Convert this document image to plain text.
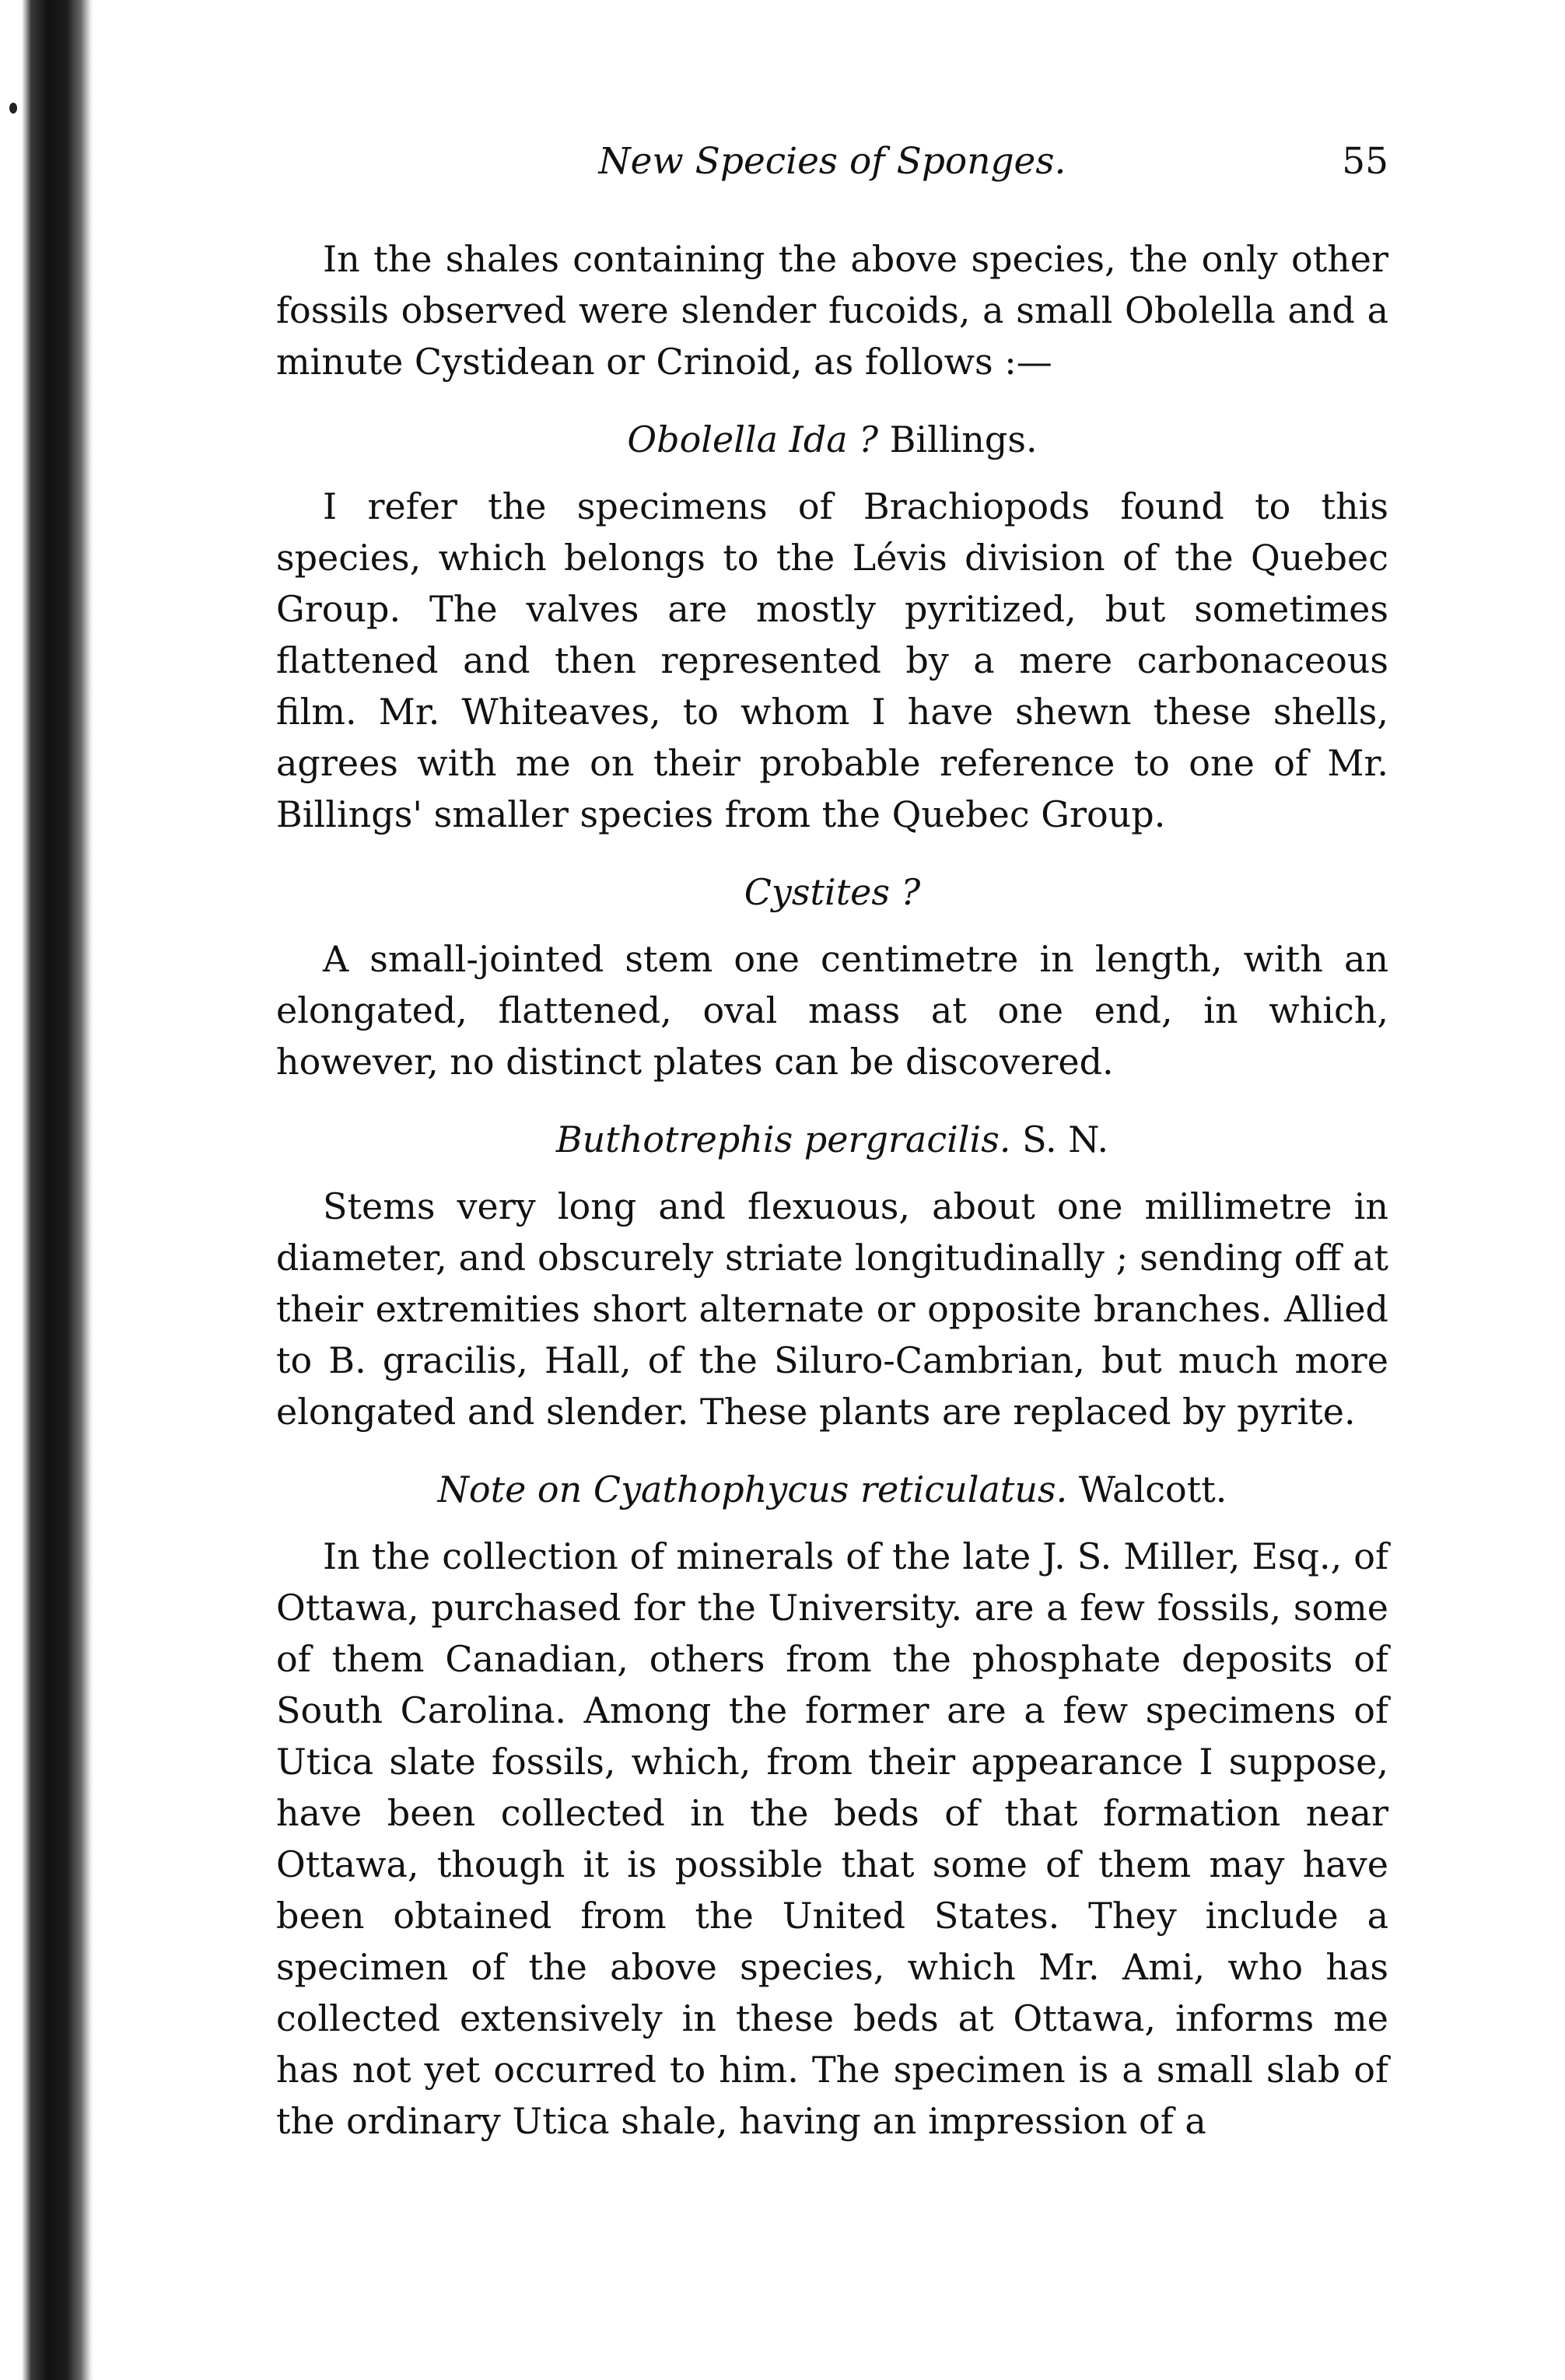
New Species of Sponges.	55

In the shales containing the above species, the only other fossils observed were slender fucoids, a small Obolella and a minute Cystidean or Crinoid, as follows :—

Obolella Ida ? Billings.

I refer the specimens of Brachiopods found to this species, which belongs to the Lévis division of the Quebec Group. The valves are mostly pyritized, but sometimes flattened and then represented by a mere carbonaceous film. Mr. Whiteaves, to whom I have shewn these shells, agrees with me on their probable reference to one of Mr. Billings' smaller species from the Quebec Group.

Cystites ?

A small-jointed stem one centimetre in length, with an elongated, flattened, oval mass at one end, in which, however, no distinct plates can be discovered.

Buthotrephis pergracilis. S. N.

Stems very long and flexuous, about one millimetre in diameter, and obscurely striate longitudinally ; sending off at their extremities short alternate or opposite branches. Allied to B. gracilis, Hall, of the Siluro-Cambrian, but much more elongated and slender. These plants are replaced by pyrite.

Note on Cyathophycus reticulatus. Walcott.

In the collection of minerals of the late J. S. Miller, Esq., of Ottawa, purchased for the University. are a few fossils, some of them Canadian, others from the phosphate deposits of South Carolina. Among the former are a few specimens of Utica slate fossils, which, from their appearance I suppose, have been collected in the beds of that formation near Ottawa, though it is possible that some of them may have been obtained from the United States. They include a specimen of the above species, which Mr. Ami, who has collected extensively in these beds at Ottawa, informs me has not yet occurred to him. The specimen is a small slab of the ordinary Utica shale, having an impression of a
